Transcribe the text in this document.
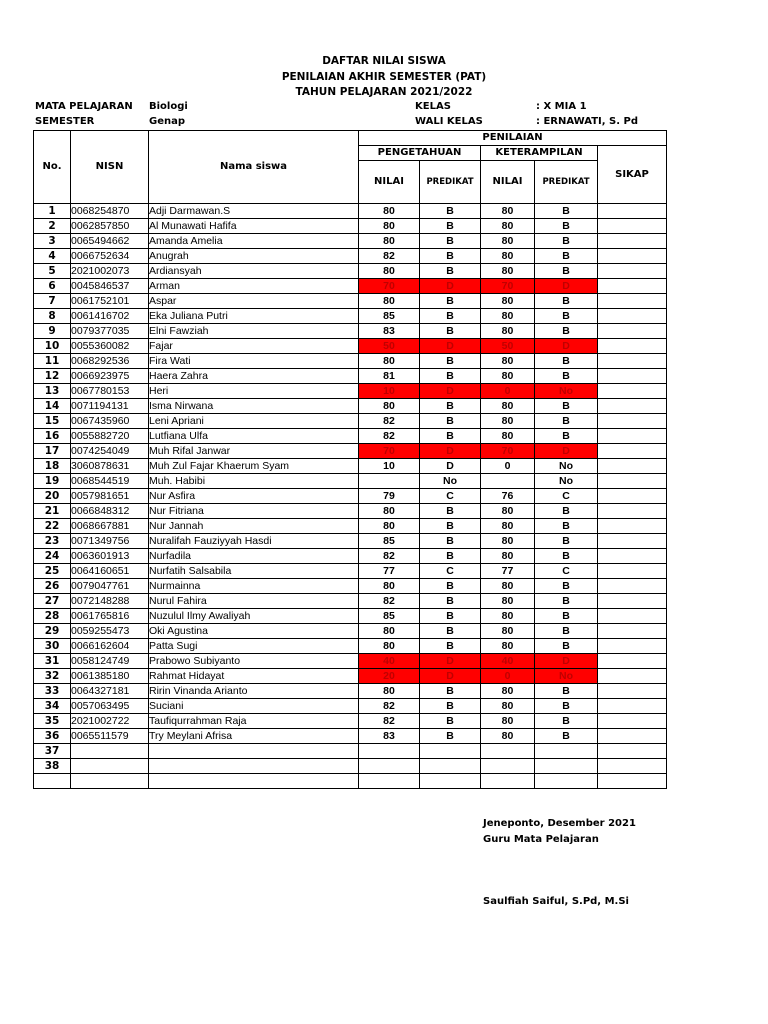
DAFTAR NILAI SISWA
PENILAIAN AKHIR SEMESTER (PAT)
TAHUN PELAJARAN 2021/2022
MATA PELAJARAN Biologi
SEMESTER	Genap
KELAS	: X MIA 1
WALI KELAS	: ERNAWATI, S. Pd
No.	NISN	Nama siswa	PENILAIAN				
			PENGETAHUAN		KETERAMPILAN		SIKAP
			NILAI	PREDIKAT	NILAI	PREDIKAT	
1	0068254870	Adji Darmawan.S	80	B	80	B	
2	0062857850	Al Munawati Hafifa	80	B	80	B	
3	0065494662	Amanda Amelia	80	B	80	B	
4	0066752634	Anugrah	82	B	80	B	
5	2021002073	Ardiansyah	80	B	80	B	
6	0045846537	Arman	70	D	70	D	
7	0061752101	Aspar	80	B	80	B	
8	0061416702	Eka Juliana Putri	85	B	80	B	
9	0079377035	Elni Fawziah	83	B	80	B	
10	0055360082	Fajar	50	D	50	D	
11	0068292536	Fira Wati	80	B	80	B	
12	0066923975	Haera Zahra	81	B	80	B	
13	0067780153	Heri	10	D	0	No	
14	0071194131	Isma Nirwana	80	B	80	B	
15	0067435960	Leni Apriani	82	B	80	B	
16	0055882720	Lutfiana Ulfa	82	B	80	B	
17	0074254049	Muh Rifal Janwar	70	D	70	D	
18	3060878631	Muh Zul Fajar Khaerum Syam	10	D	0	No	
19	0068544519	Muh. Habibi		No		No	
20	0057981651	Nur Asfira	79	C	76	C	
21	0066848312	Nur Fitriana	80	B	80	B	
22	0068667881	Nur Jannah	80	B	80	B	
23	0071349756	Nuralifah Fauziyyah Hasdi	85	B	80	B	
24	0063601913	Nurfadila	82	B	80	B	
25	0064160651	Nurfatih Salsabila	77	C	77	C	
26	0079047761	Nurmainna	80	B	80	B	
27	0072148288	Nurul Fahira	82	B	80	B	
28	0061765816	Nuzulul Ilmy Awaliyah	85	B	80	B	
29	0059255473	Oki Agustina	80	B	80	B	
30	0066162604	Patta Sugi	80	B	80	B	
31	0058124749	Prabowo Subiyanto	40	D	40	D	
32	0061385180	Rahmat Hidayat	20	D	0	No	
33	0064327181	Ririn Vinanda Arianto	80	B	80	B	
34	0057063495	Suciani	82	B	80	B	
35	2021002722	Taufiqurrahman Raja	82	B	80	B	
36	0065511579	Try Meylani Afrisa	83	B	80	B	
37							
38							

Jeneponto, Desember 2021
Guru Mata Pelajaran
Saulfiah Saiful, S.Pd, M.Si
